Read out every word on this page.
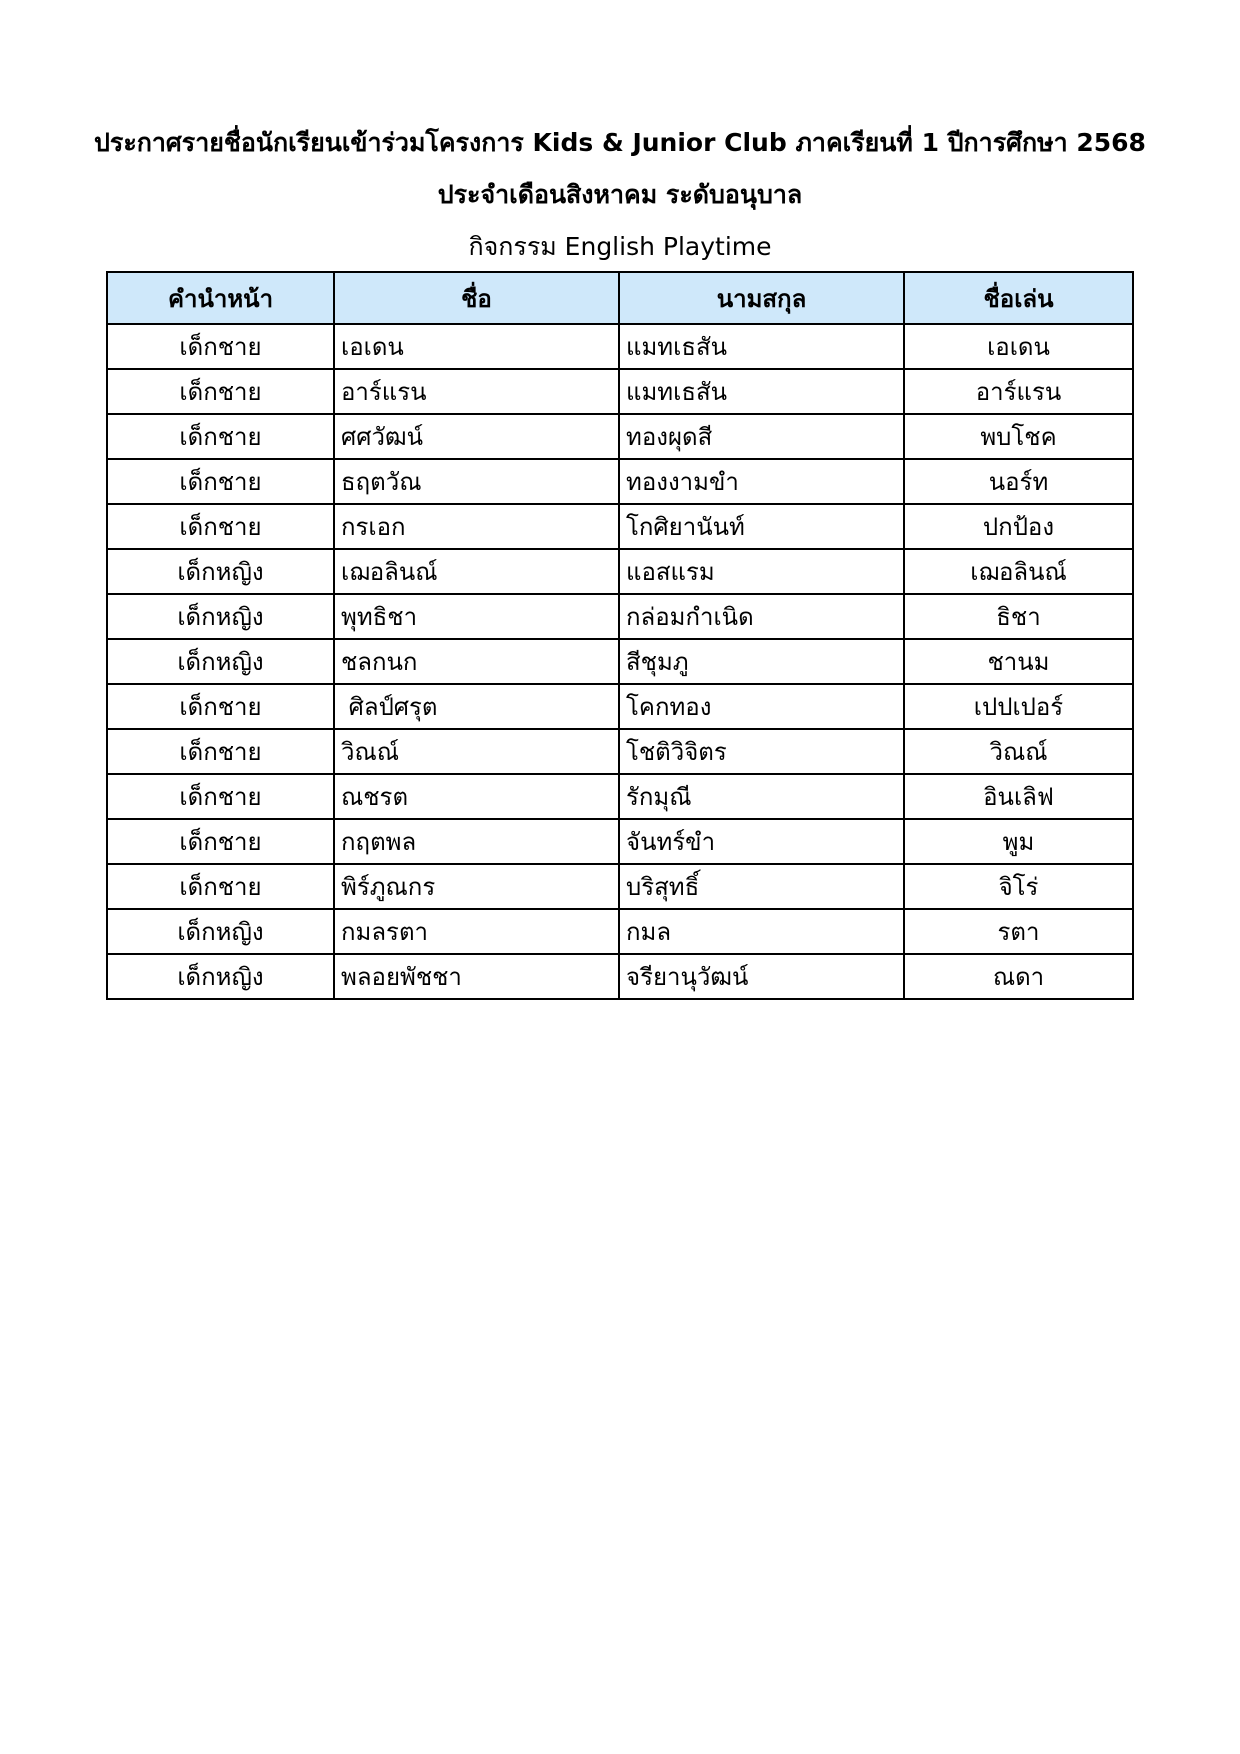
ประกาศรายชื่อนักเรียนเข้าร่วมโครงการ Kids & Junior Club ภาคเรียนที่ 1 ปีการศึกษา 2568
ประจำเดือนสิงหาคม ระดับอนุบาล
กิจกรรม English Playtime
คำนำหน้า	ชื่อ	นามสกุล	ชื่อเล่น
เด็กชาย	เอเดน	แมทเธสัน	เอเดน
เด็กชาย	อาร์แรน	แมทเธสัน	อาร์แรน
เด็กชาย	ศศวัฒน์	ทองผุดสี	พบโชค
เด็กชาย	ธฤตวัณ	ทองงามขำ	นอร์ท
เด็กชาย	กรเอก	โกศิยานันท์	ปกป้อง
เด็กหญิง	เฌอลินณ์	แอสแรม	เฌอลินณ์
เด็กหญิง	พุทธิชา	กล่อมกำเนิด	ธิชา
เด็กหญิง	ชลกนก	สีชุมภู	ชานม
เด็กชาย	ศิลป์ศรุต	โคกทอง	เปปเปอร์
เด็กชาย	วิณณ์	โชติวิจิตร	วิณณ์
เด็กชาย	ณชรต	รักมุณี	อินเลิฟ
เด็กชาย	กฤตพล	จันทร์ขำ	พูม
เด็กชาย	พิร์ภูณกร	บริสุทธิ์	จิโร่
เด็กหญิง	กมลรตา	กมล	รตา
เด็กหญิง	พลอยพัชชา	จรียานุวัฒน์	ณดา
